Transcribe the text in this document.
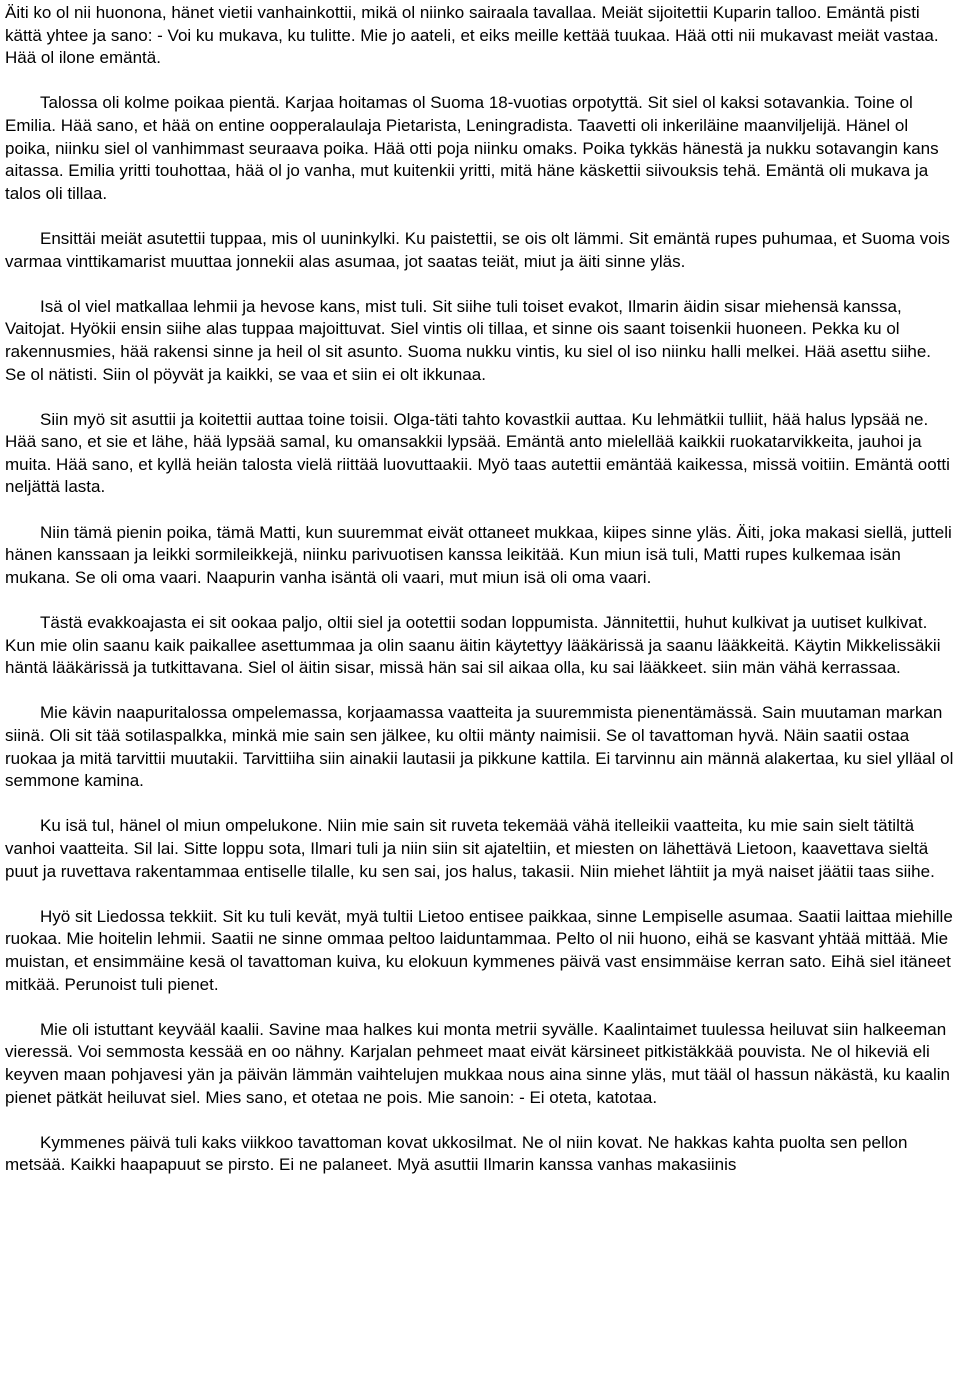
Äiti ko ol nii huonona, hänet vietii vanhainkottii, mikä ol niinko sairaala tavallaa. Meiät sijoitettii Kuparin talloo. Emäntä pisti kättä yhtee ja sano: - Voi ku mukava, ku tulitte. Mie jo aateli, et eiks meille kettää tuukaa. Hää otti nii mukavast meiät vastaa. Hää ol ilone emäntä.

Talossa oli kolme poikaa pientä. Karjaa hoitamas ol Suoma 18-vuotias orpotyttä. Sit siel ol kaksi sotavankia. Toine ol Emilia. Hää sano, et hää on entine oopperalaulaja Pietarista, Leningradista. Taavetti oli inkeriläine maanviljelijä. Hänel ol poika, niinku siel ol vanhimmast seuraava poika. Hää otti poja niinku omaks. Poika tykkäs hänestä ja nukku sotavangin kans aitassa. Emilia yritti touhottaa, hää ol jo vanha, mut kuitenkii yritti, mitä häne käskettii siivouksis tehä. Emäntä oli mukava ja talos oli tillaa.

Ensittäi meiät asutettii tuppaa, mis ol uuninkylki. Ku paistettii, se ois olt lämmi. Sit emäntä rupes puhumaa, et Suoma vois varmaa vinttikamarist muuttaa jonnekii alas asumaa, jot saatas teiät, miut ja äiti sinne yläs.

Isä ol viel matkallaa lehmii ja hevose kans, mist tuli. Sit siihe tuli toiset evakot, Ilmarin äidin sisar miehensä kanssa, Vaitojat. Hyökii ensin siihe alas tuppaa majoittuvat. Siel vintis oli tillaa, et sinne ois saant toisenkii huoneen. Pekka ku ol rakennusmies, hää rakensi sinne ja heil ol sit asunto. Suoma nukku vintis, ku siel ol iso niinku halli melkei. Hää asettu siihe. Se ol nätisti. Siin ol pöyvät ja kaikki, se vaa et siin ei olt ikkunaa.

Siin myö sit asuttii ja koitettii auttaa toine toisii. Olga-täti tahto kovastkii auttaa. Ku lehmätkii tulliit, hää halus lypsää ne. Hää sano, et sie et lähe, hää lypsää samal, ku omansakkii lypsää. Emäntä anto mielellää kaikkii ruokatarvikkeita, jauhoi ja muita. Hää sano, et kyllä heiän talosta vielä riittää luovuttaakii. Myö taas autettii emäntää kaikessa, missä voitiin. Emäntä ootti neljättä lasta.

Niin tämä pienin poika, tämä Matti, kun suuremmat eivät ottaneet mukkaa, kiipes sinne yläs. Äiti, joka makasi siellä, jutteli hänen kanssaan ja leikki sormileikkejä, niinku parivuotisen kanssa leikitää. Kun miun isä tuli, Matti rupes kulkemaa isän mukana. Se oli oma vaari. Naapurin vanha isäntä oli vaari, mut miun isä oli oma vaari.

Tästä evakkoajasta ei sit ookaa paljo, oltii siel ja ootettii sodan loppumista. Jännitettii, huhut kulkivat ja uutiset kulkivat. Kun mie olin saanu kaik paikallee asettummaa ja olin saanu äitin käytettyy lääkärissä ja saanu lääkkeitä. Käytin Mikkelissäkii häntä lääkärissä ja tutkittavana. Siel ol äitin sisar, missä hän sai sil aikaa olla, ku sai lääkkeet. siin män vähä kerrassaa.

Mie kävin naapuritalossa ompelemassa, korjaamassa vaatteita ja suuremmista pienentämässä. Sain muutaman markan siinä. Oli sit tää sotilaspalkka, minkä mie sain sen jälkee, ku oltii mänty naimisii. Se ol tavattoman hyvä. Näin saatii ostaa ruokaa ja mitä tarvittii muutakii. Tarvittiiha siin ainakii lautasii ja pikkune kattila. Ei tarvinnu ain männä alakertaa, ku siel ylläal ol semmone kamina.

Ku isä tul, hänel ol miun ompelukone. Niin mie sain sit ruveta tekemää vähä itelleikii vaatteita, ku mie sain sielt tätiltä vanhoi vaatteita. Sil lai. Sitte loppu sota, Ilmari tuli ja niin siin sit ajateltiin, et miesten on lähettävä Lietoon, kaavettava sieltä puut ja ruvettava rakentammaa entiselle tilalle, ku sen sai, jos halus, takasii. Niin miehet lähtiit ja myä naiset jäätii taas siihe.

Hyö sit Liedossa tekkiit. Sit ku tuli kevät, myä tultii Lietoo entisee paikkaa, sinne Lempiselle asumaa. Saatii laittaa miehille ruokaa. Mie hoitelin lehmii. Saatii ne sinne ommaa peltoo laiduntammaa. Pelto ol nii huono, eihä se kasvant yhtää mittää. Mie muistan, et ensimmäine kesä ol tavattoman kuiva, ku elokuun kymmenes päivä vast ensimmäise kerran sato. Eihä siel itäneet mitkää. Perunoist tuli pienet.

Mie oli istuttant keyvääl kaalii. Savine maa halkes kui monta metrii syvälle. Kaalintaimet tuulessa heiluvat siin halkeeman vieressä. Voi semmosta kessää en oo nähny. Karjalan pehmeet maat eivät kärsineet pitkistäkkää pouvista. Ne ol hikeviä eli keyven maan pohjavesi yän ja päivän lämmän vaihtelujen mukkaa nous aina sinne yläs, mut tääl ol hassun näkästä, ku kaalin pienet pätkät heiluvat siel. Mies sano, et otetaa ne pois. Mie sanoin: - Ei oteta, katotaa.

Kymmenes päivä tuli kaks viikkoo tavattoman kovat ukkosilmat. Ne ol niin kovat. Ne hakkas kahta puolta sen pellon metsää. Kaikki haapapuut se pirsto. Ei ne palaneet. Myä asuttii Ilmarin kanssa vanhas makasiinis
